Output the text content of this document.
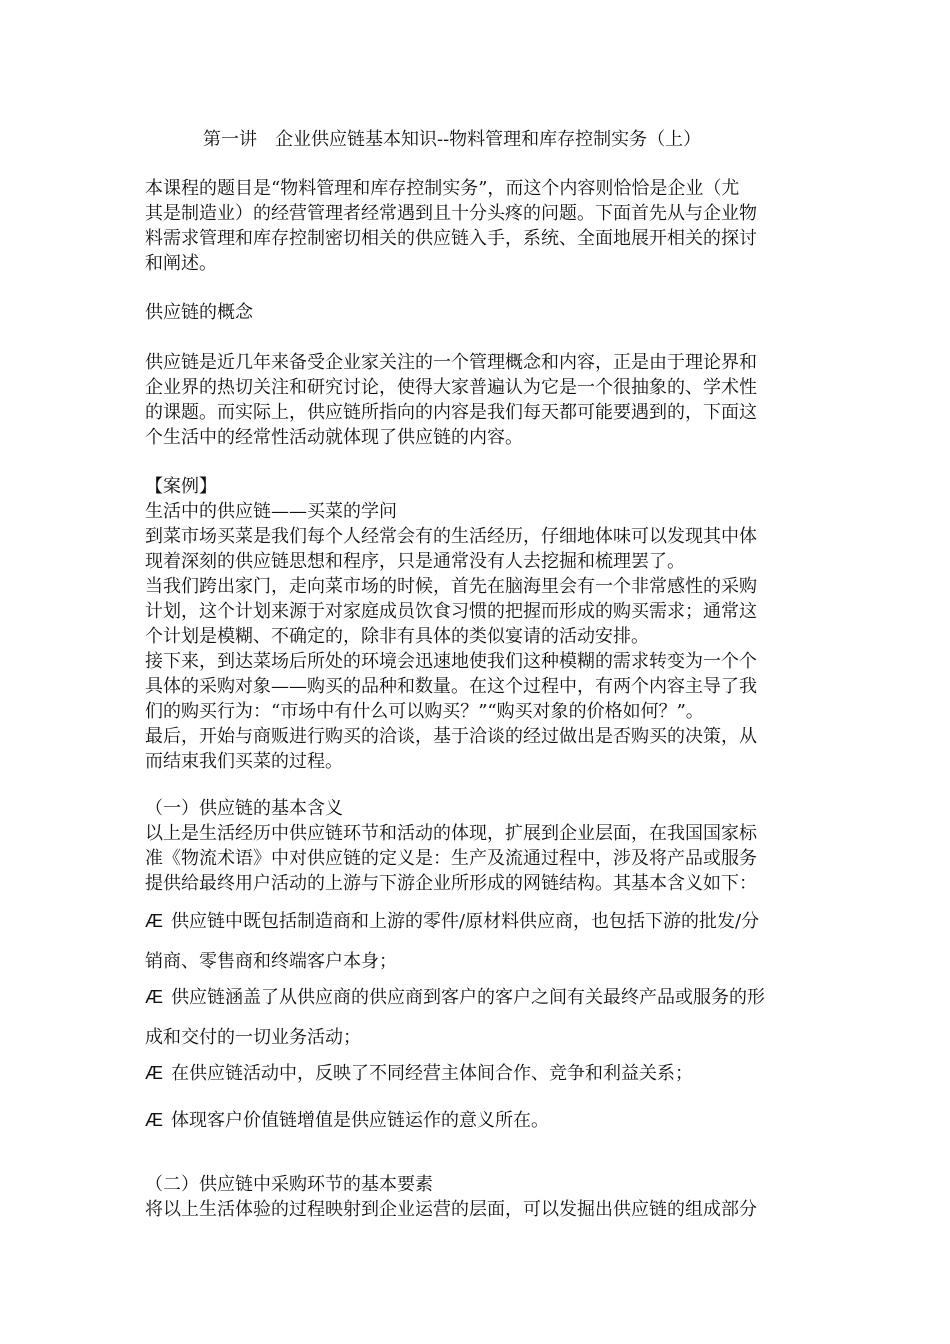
第一讲　企业供应链基本知识--物料管理和库存控制实务（上）
本课程的题目是“物料管理和库存控制实务”，而这个内容则恰恰是企业（尤
其是制造业）的经营管理者经常遇到且十分头疼的问题。下面首先从与企业物
料需求管理和库存控制密切相关的供应链入手，系统、全面地展开相关的探讨
和阐述。
供应链的概念
供应链是近几年来备受企业家关注的一个管理概念和内容，正是由于理论界和
企业界的热切关注和研究讨论，使得大家普遍认为它是一个很抽象的、学术性
的课题。而实际上，供应链所指向的内容是我们每天都可能要遇到的，下面这
个生活中的经常性活动就体现了供应链的内容。
【案例】
生活中的供应链——买菜的学问
到菜市场买菜是我们每个人经常会有的生活经历，仔细地体味可以发现其中体
现着深刻的供应链思想和程序，只是通常没有人去挖掘和梳理罢了。
当我们跨出家门，走向菜市场的时候，首先在脑海里会有一个非常感性的采购
计划，这个计划来源于对家庭成员饮食习惯的把握而形成的购买需求；通常这
个计划是模糊、不确定的，除非有具体的类似宴请的活动安排。
接下来，到达菜场后所处的环境会迅速地使我们这种模糊的需求转变为一个个
具体的采购对象——购买的品种和数量。在这个过程中，有两个内容主导了我
们的购买行为：“市场中有什么可以购买？”“购买对象的价格如何？”。
最后，开始与商贩进行购买的洽谈，基于洽谈的经过做出是否购买的决策，从
而结束我们买菜的过程。
（一）供应链的基本含义
以上是生活经历中供应链环节和活动的体现，扩展到企业层面，在我国国家标
准《物流术语》中对供应链的定义是：生产及流通过程中，涉及将产品或服务
提供给最终用户活动的上游与下游企业所形成的网链结构。其基本含义如下：
Æ 供应链中既包括制造商和上游的零件/原材料供应商，也包括下游的批发/分
销商、零售商和终端客户本身；
Æ 供应链涵盖了从供应商的供应商到客户的客户之间有关最终产品或服务的形
成和交付的一切业务活动；
Æ 在供应链活动中，反映了不同经营主体间合作、竞争和利益关系；
Æ 体现客户价值链增值是供应链运作的意义所在。
（二）供应链中采购环节的基本要素
将以上生活体验的过程映射到企业运营的层面，可以发掘出供应链的组成部分
